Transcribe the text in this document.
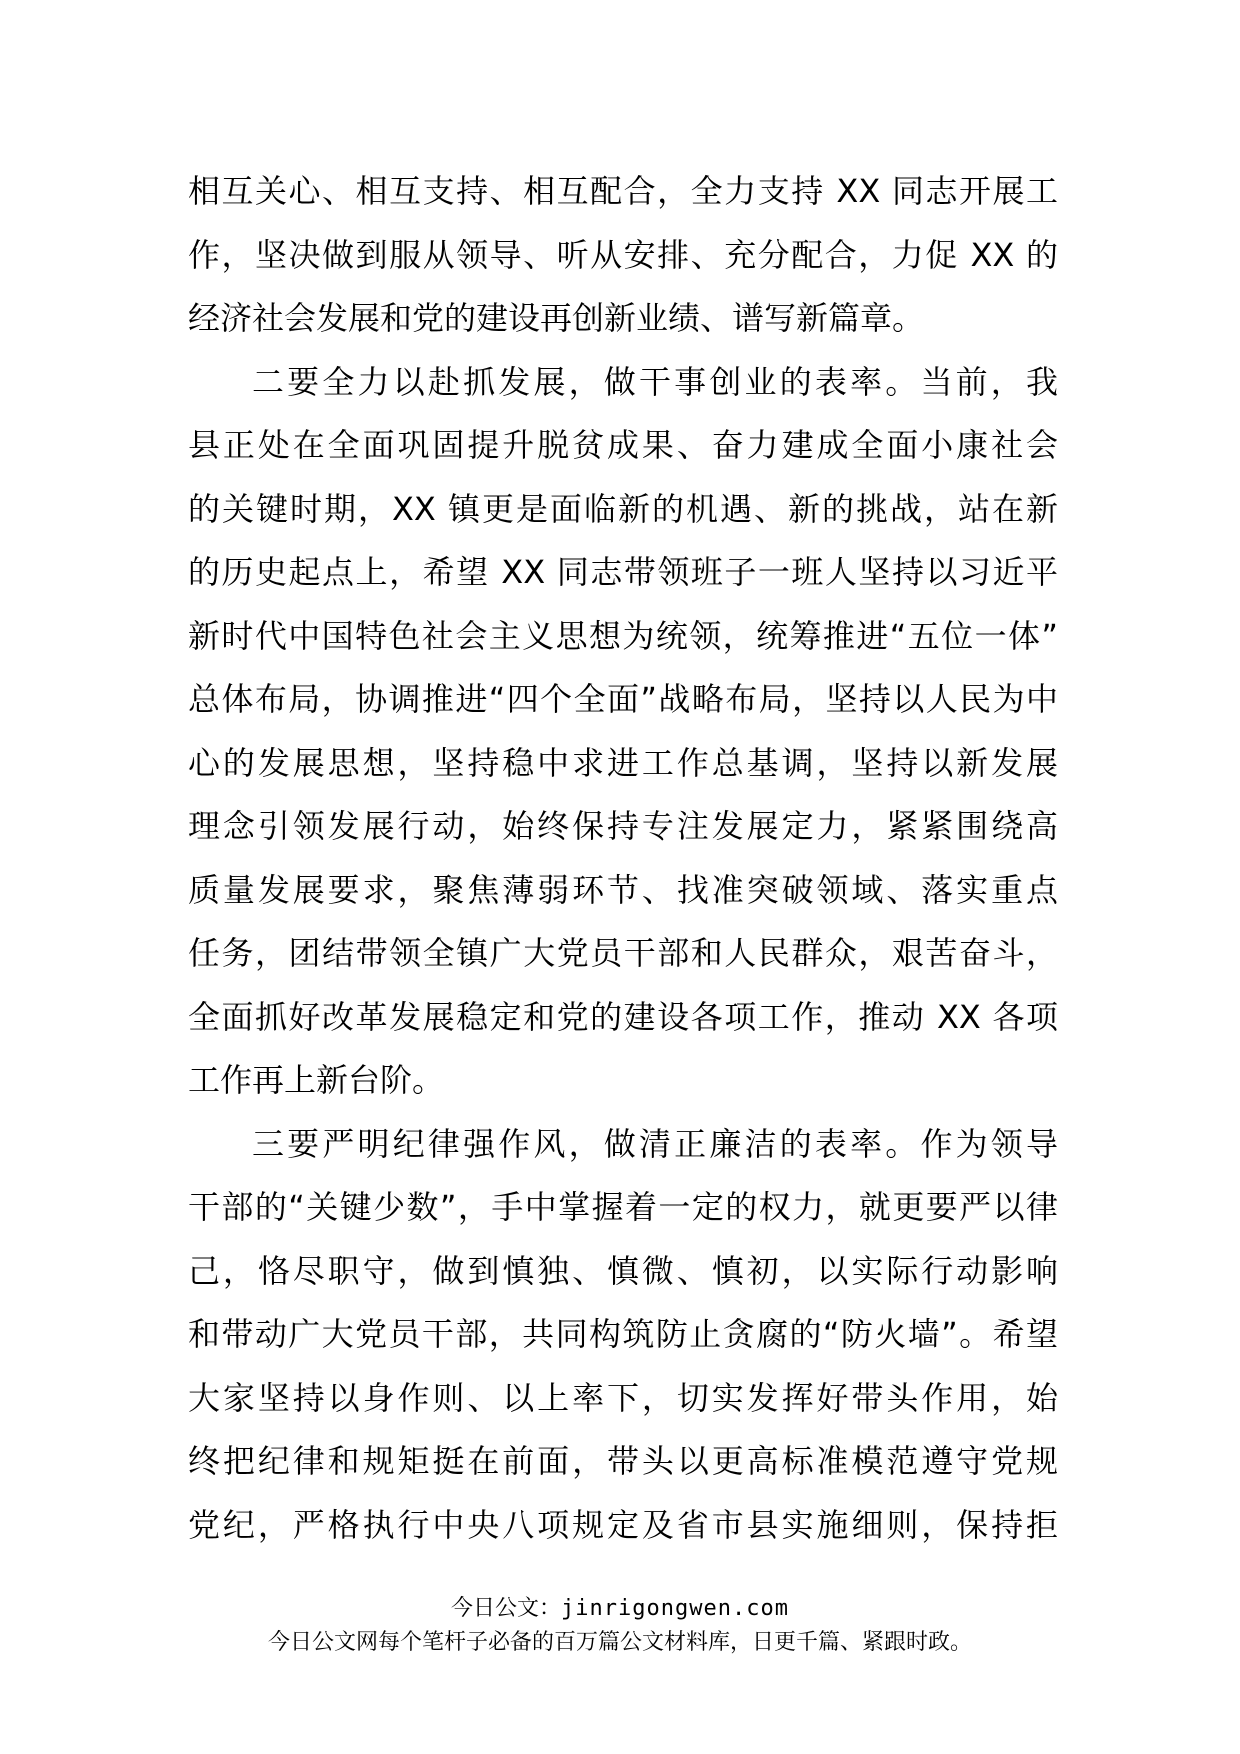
相互关心、相互支持、相互配合，全力支持 XX 同志开展工
作，坚决做到服从领导、听从安排、充分配合，力促 XX 的
经济社会发展和党的建设再创新业绩、谱写新篇章。
二要全力以赴抓发展，做干事创业的表率。当前，我
县正处在全面巩固提升脱贫成果、奋力建成全面小康社会
的关键时期，XX 镇更是面临新的机遇、新的挑战，站在新
的历史起点上，希望 XX 同志带领班子一班人坚持以习近平
新时代中国特色社会主义思想为统领，统筹推进“五位一体”
总体布局，协调推进“四个全面”战略布局，坚持以人民为中
心的发展思想，坚持稳中求进工作总基调，坚持以新发展
理念引领发展行动，始终保持专注发展定力，紧紧围绕高
质量发展要求，聚焦薄弱环节、找准突破领域、落实重点
任务，团结带领全镇广大党员干部和人民群众，艰苦奋斗，
全面抓好改革发展稳定和党的建设各项工作，推动 XX 各项
工作再上新台阶。
三要严明纪律强作风，做清正廉洁的表率。作为领导
干部的“关键少数”，手中掌握着一定的权力，就更要严以律
己，恪尽职守，做到慎独、慎微、慎初，以实际行动影响
和带动广大党员干部，共同构筑防止贪腐的“防火墙”。希望
大家坚持以身作则、以上率下，切实发挥好带头作用，始
终把纪律和规矩挺在前面，带头以更高标准模范遵守党规
党纪，严格执行中央八项规定及省市县实施细则，保持拒
今日公文：jinrigongwen.com
今日公文网每个笔杆子必备的百万篇公文材料库，日更千篇、紧跟时政。
